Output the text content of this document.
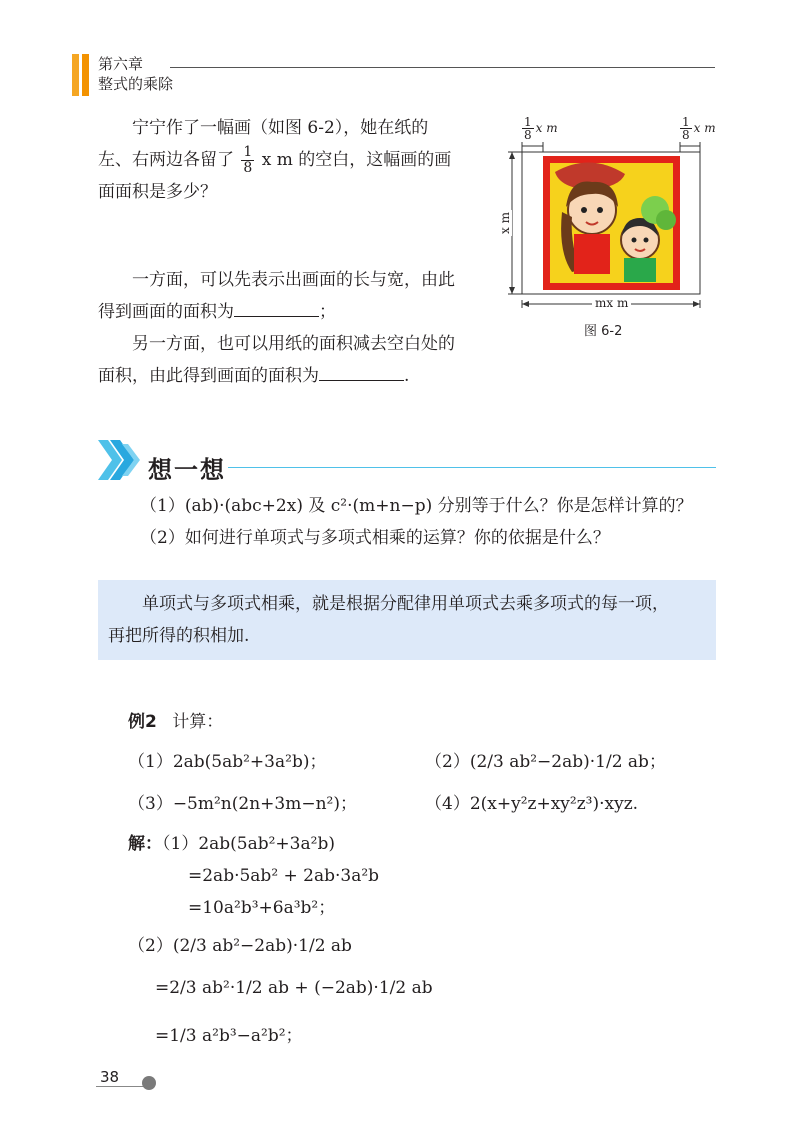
第六章
整式的乘除
宁宁作了一幅画（如图 6-2），她在纸的
左、右两边各留了 $\frac{1}{8}$ x m 的空白，这幅画的画
面面积是多少？
一方面，可以先表示出画面的长与宽，由此
得到画面的面积为	；
另一方面，也可以用纸的面积减去空白处的
面积，由此得到画面的面积为	.
$\frac{1}{8}$ x m	$\frac{1}{8}$ x m
x m
mx m
图 6-2
想一想
（1）(ab)·(abc+2x) 及 c²·(m+n−p) 分别等于什么？你是怎样计算的？
（2）如何进行单项式与多项式相乘的运算？你的依据是什么？
单项式与多项式相乘，就是根据分配律用单项式去乘多项式的每一项，
再把所得的积相加.
例2 计算：
（1）2ab(5ab²+3a²b)；	（2）(2/3 ab²−2ab)·1/2 ab；
（3）−5m²n(2n+3m−n²)；	（4）2(x+y²z+xy²z³)·xyz.
解：（1）2ab(5ab²+3a²b)
=2ab·5ab² + 2ab·3a²b
=10a²b³+6a³b²；
（2）(2/3 ab²−2ab)·1/2 ab
=2/3 ab²·1/2 ab + (−2ab)·1/2 ab
=1/3 a²b³−a²b²；
38
